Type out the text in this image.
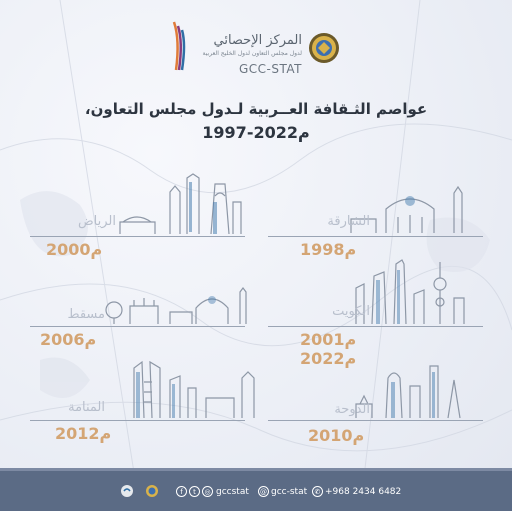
المركز الإحصائي
لدول مجلس التعاون لدول الخليج العربية
GCC-STAT
عواصم الثـقافة العــربية لـدول مجلس التعاون،
1997-2022م
الرياض
2000م
الشارقة
1998م
مسقط
2006م
الكويت
2001م
2022م
المنامة
2012م
الدوحة
2010م
f	t	◎ gccstat @ gcc-stat	✆ +968 2434 6482
